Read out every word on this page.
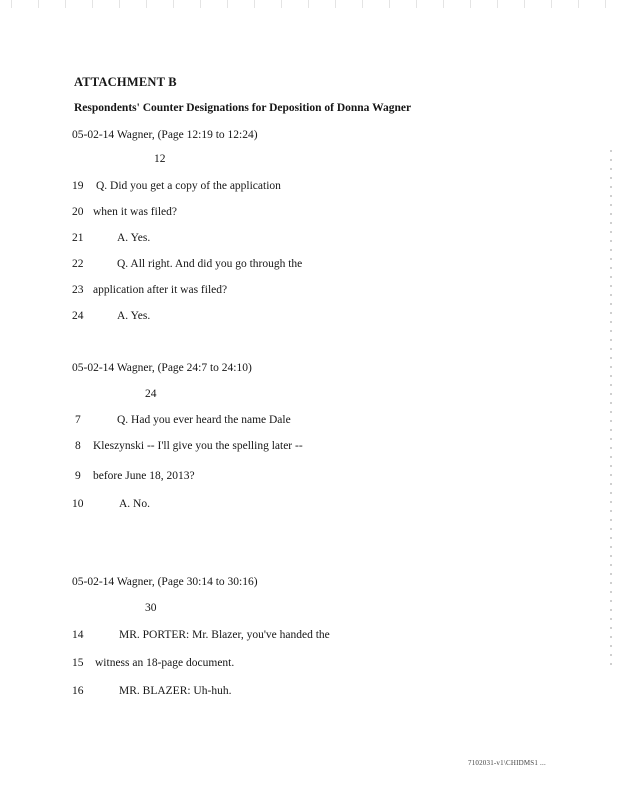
ATTACHMENT B
Respondents' Counter Designations for Deposition of Donna Wagner
05-02-14 Wagner, (Page 12:19 to 12:24)
12
19 Q. Did you get a copy of the application
20 when it was filed?
21	A. Yes.
22	Q. All right. And did you go through the
23 application after it was filed?
24	A. Yes.
05-02-14 Wagner, (Page 24:7 to 24:10)
24
7	Q. Had you ever heard the name Dale
8 Kleszynski -- I'll give you the spelling later --
9 before June 18, 2013?
10	A. No.
05-02-14 Wagner, (Page 30:14 to 30:16)
30
14	MR. PORTER: Mr. Blazer, you've handed the
15 witness an 18-page document.
16	MR. BLAZER: Uh-huh.
7102031-v1\CHIDMS1 ...
